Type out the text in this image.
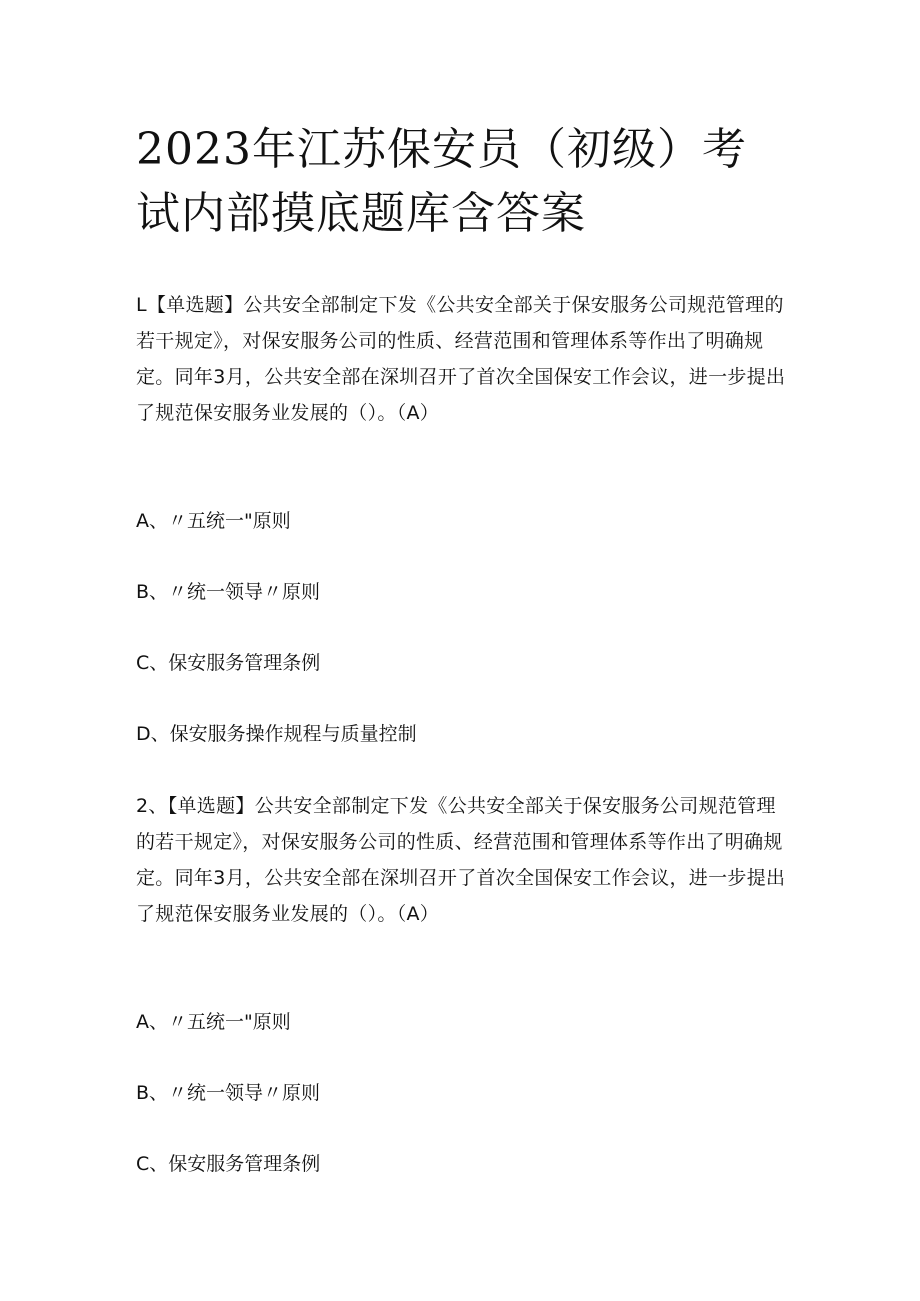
2023年江苏保安员（初级）考试内部摸底题库含答案

L【单选题】公共安全部制定下发《公共安全部关于保安服务公司规范管理的若干规定》，对保安服务公司的性质、经营范围和管理体系等作出了明确规定。同年3月，公共安全部在深圳召开了首次全国保安工作会议，进一步提出了规范保安服务业发展的（）。（A）

A、〃五统一"原则

B、〃统一领导〃原则

C、保安服务管理条例

D、保安服务操作规程与质量控制

2、【单选题】公共安全部制定下发《公共安全部关于保安服务公司规范管理的若干规定》，对保安服务公司的性质、经营范围和管理体系等作出了明确规定。同年3月，公共安全部在深圳召开了首次全国保安工作会议，进一步提出了规范保安服务业发展的（）。（A）

A、〃五统一"原则

B、〃统一领导〃原则

C、保安服务管理条例
